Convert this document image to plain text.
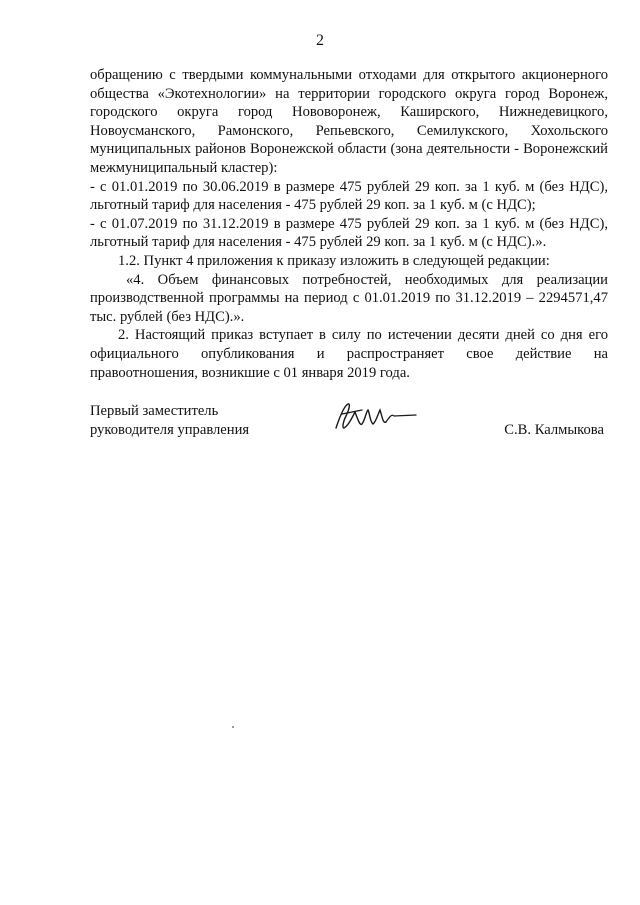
2

обращению с твердыми коммунальными отходами для открытого акционерного общества «Экотехнологии» на территории городского округа город Воронеж, городского округа город Нововоронеж, Каширского, Нижнедевицкого, Новоусманского, Рамонского, Репьевского, Семилукского, Хохольского муниципальных районов Воронежской области (зона деятельности - Воронежский межмуниципальный кластер):

- с 01.01.2019 по 30.06.2019 в размере 475 рублей 29 коп. за 1 куб. м (без НДС), льготный тариф для населения - 475 рублей 29 коп. за 1 куб. м (с НДС);

- с 01.07.2019 по 31.12.2019 в размере 475 рублей 29 коп. за 1 куб. м (без НДС), льготный тариф для населения - 475 рублей 29 коп. за 1 куб. м (с НДС).».

1.2. Пункт 4 приложения к приказу изложить в следующей редакции:

«4. Объем финансовых потребностей, необходимых для реализации производственной программы на период с 01.01.2019 по 31.12.2019 – 2294571,47 тыс. рублей (без НДС).».

2. Настоящий приказ вступает в силу по истечении десяти дней со дня его официального опубликования и распространяет свое действие на правоотношения, возникшие с 01 января 2019 года.

Первый заместитель
руководителя управления	С.В. Калмыкова
